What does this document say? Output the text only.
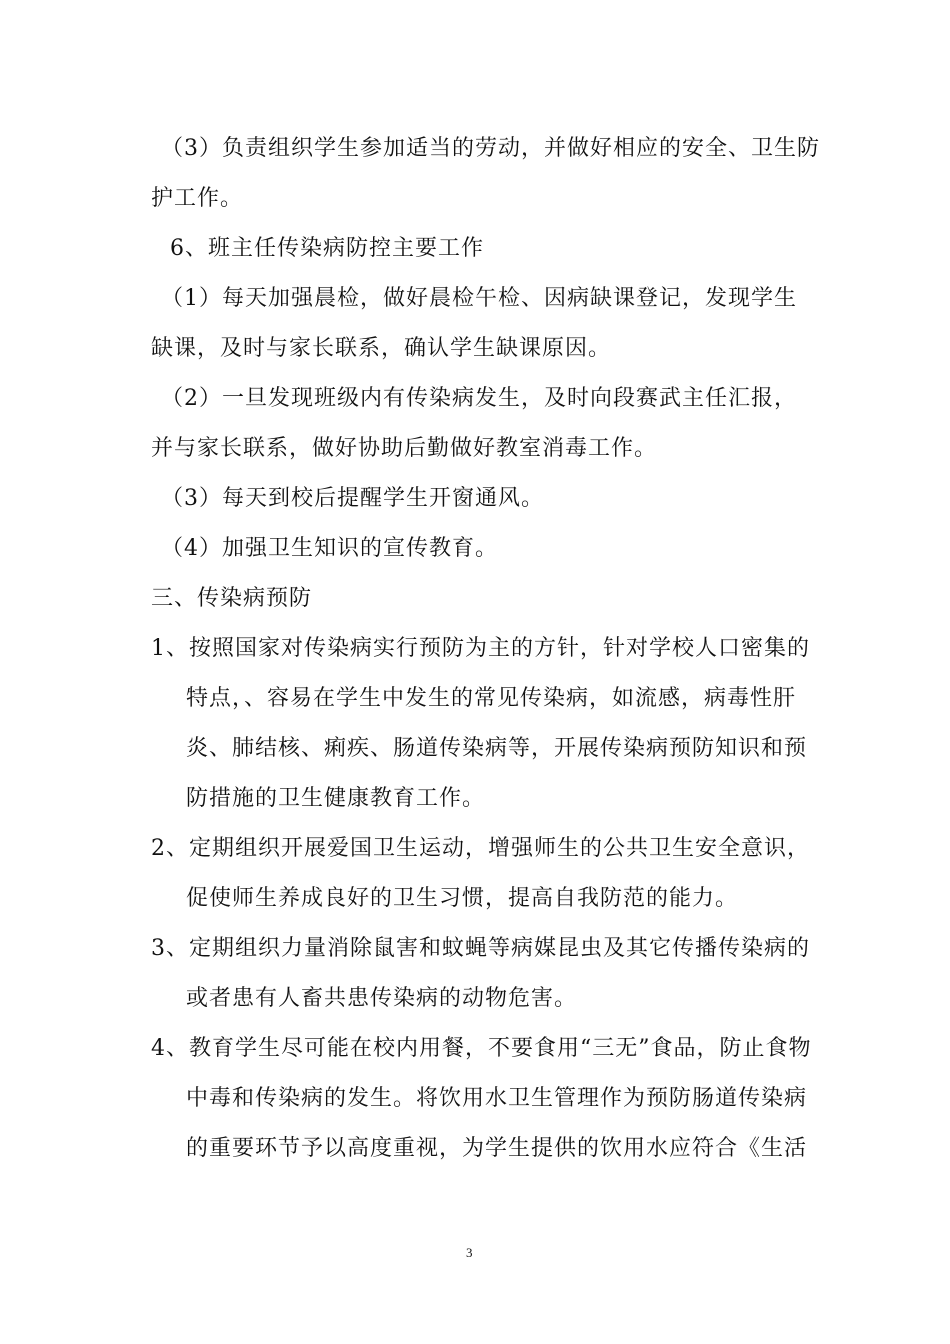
（3）负责组织学生参加适当的劳动，并做好相应的安全、卫生防
护工作。
6、班主任传染病防控主要工作
（1）每天加强晨检，做好晨检午检、因病缺课登记，发现学生
缺课，及时与家长联系，确认学生缺课原因。
（2）一旦发现班级内有传染病发生，及时向段赛武主任汇报，
并与家长联系，做好协助后勤做好教室消毒工作。
（3）每天到校后提醒学生开窗通风。
（4）加强卫生知识的宣传教育。
三、传染病预防
1、按照国家对传染病实行预防为主的方针，针对学校人口密集的
特点，、容易在学生中发生的常见传染病，如流感，病毒性肝
炎、肺结核、痢疾、肠道传染病等，开展传染病预防知识和预
防措施的卫生健康教育工作。
2、定期组织开展爱国卫生运动，增强师生的公共卫生安全意识，
促使师生养成良好的卫生习惯，提高自我防范的能力。
3、定期组织力量消除鼠害和蚊蝇等病媒昆虫及其它传播传染病的
或者患有人畜共患传染病的动物危害。
4、教育学生尽可能在校内用餐，不要食用“三无”食品，防止食物
中毒和传染病的发生。将饮用水卫生管理作为预防肠道传染病
的重要环节予以高度重视，为学生提供的饮用水应符合《生活
3
